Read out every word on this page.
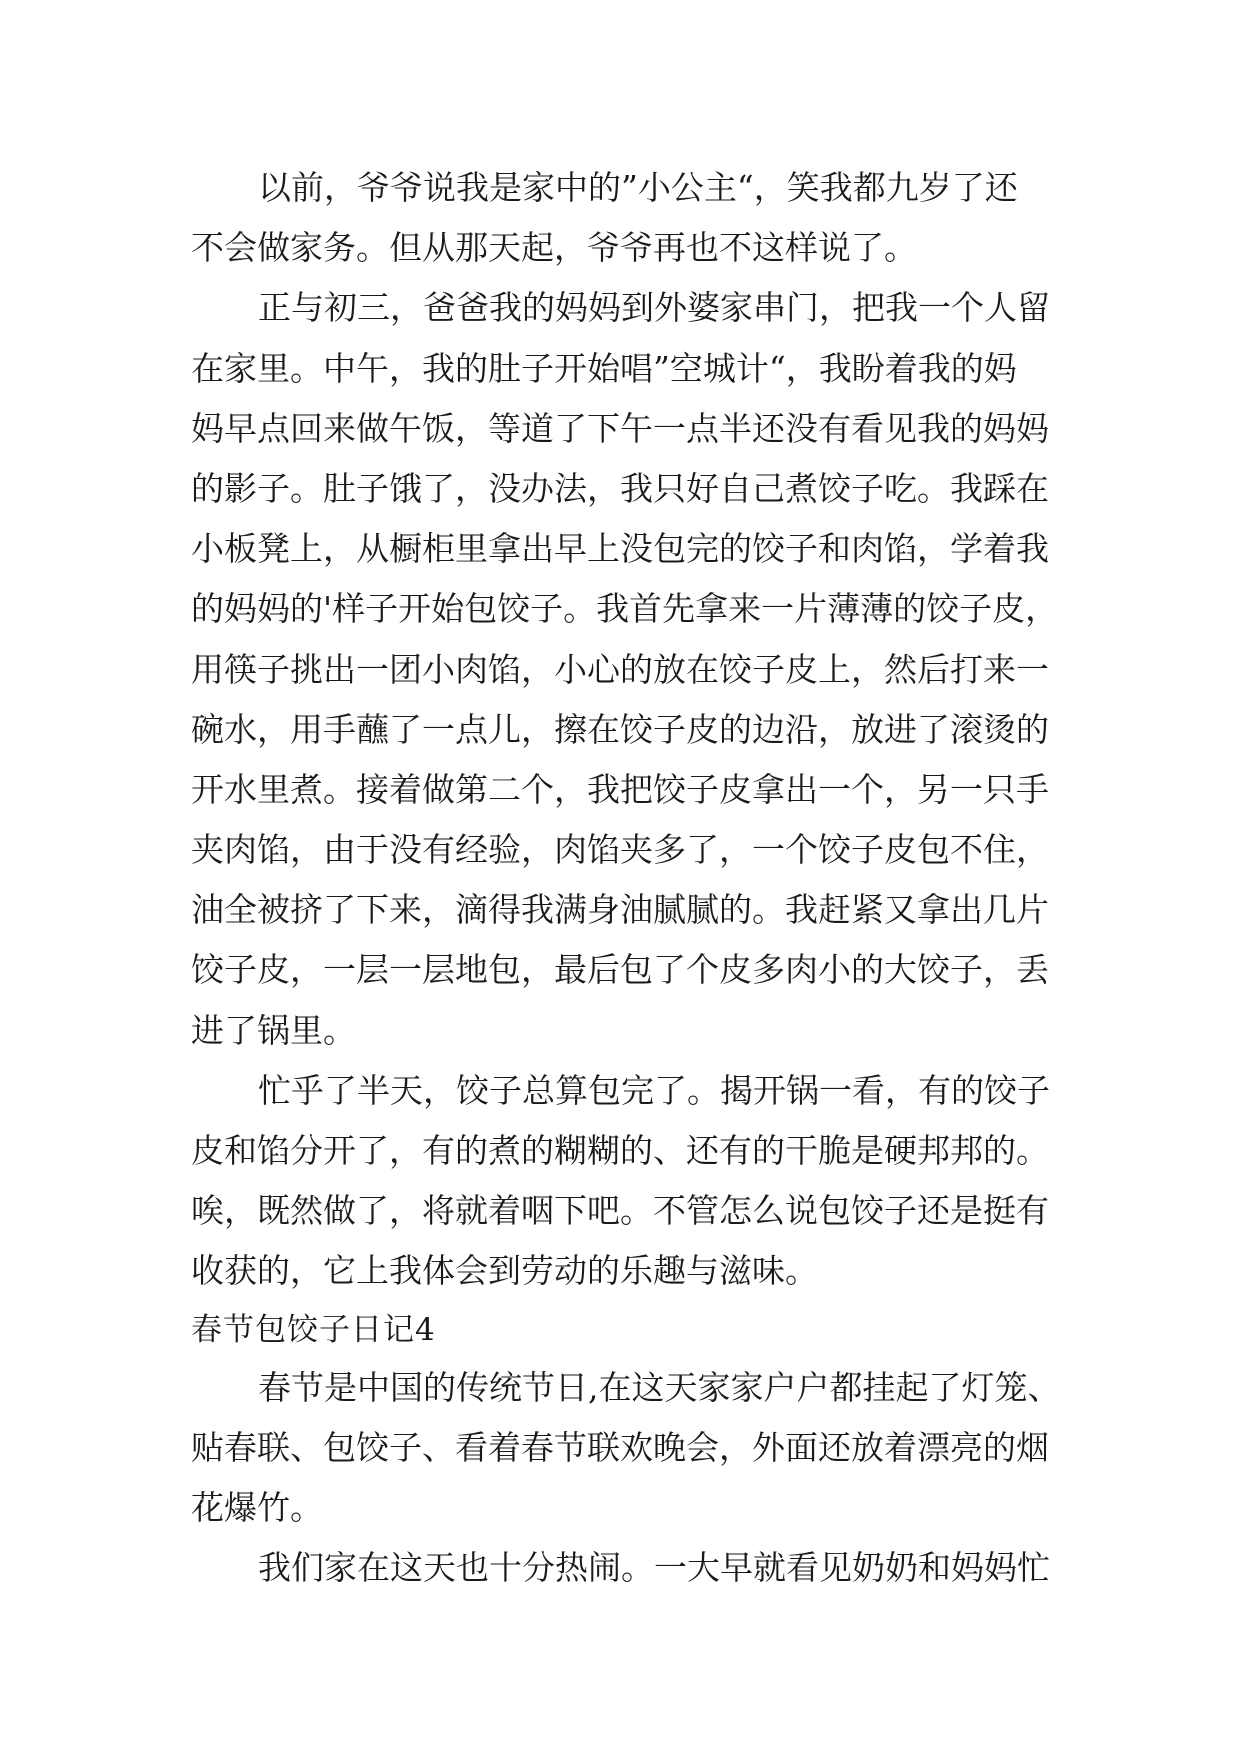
以前，爷爷说我是家中的”小公主“，笑我都九岁了还
不会做家务。但从那天起，爷爷再也不这样说了。
正与初三，爸爸我的妈妈到外婆家串门，把我一个人留
在家里。中午，我的肚子开始唱”空城计“，我盼着我的妈
妈早点回来做午饭，等道了下午一点半还没有看见我的妈妈
的影子。肚子饿了，没办法，我只好自己煮饺子吃。我踩在
小板凳上，从橱柜里拿出早上没包完的饺子和肉馅，学着我
的妈妈的'样子开始包饺子。我首先拿来一片薄薄的饺子皮，
用筷子挑出一团小肉馅，小心的放在饺子皮上，然后打来一
碗水，用手蘸了一点儿，擦在饺子皮的边沿，放进了滚烫的
开水里煮。接着做第二个，我把饺子皮拿出一个，另一只手
夹肉馅，由于没有经验，肉馅夹多了，一个饺子皮包不住，
油全被挤了下来，滴得我满身油腻腻的。我赶紧又拿出几片
饺子皮，一层一层地包，最后包了个皮多肉小的大饺子，丢
进了锅里。
忙乎了半天，饺子总算包完了。揭开锅一看，有的饺子
皮和馅分开了，有的煮的糊糊的、还有的干脆是硬邦邦的。
唉，既然做了，将就着咽下吧。不管怎么说包饺子还是挺有
收获的，它上我体会到劳动的乐趣与滋味。
春节包饺子日记4
春节是中国的传统节日,在这天家家户户都挂起了灯笼、
贴春联、包饺子、看着春节联欢晚会，外面还放着漂亮的烟
花爆竹。
我们家在这天也十分热闹。一大早就看见奶奶和妈妈忙
